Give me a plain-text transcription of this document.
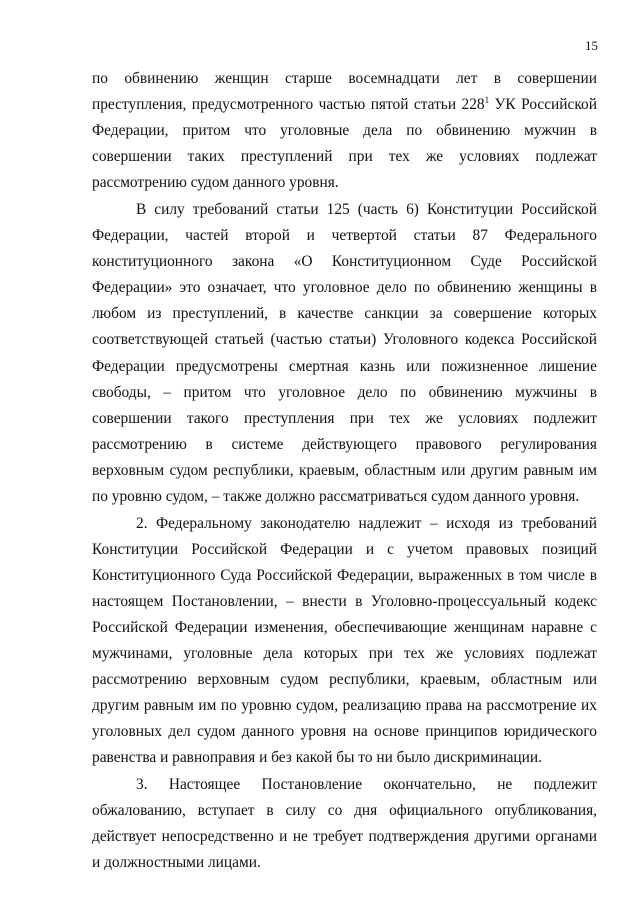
15

по обвинению женщин старше восемнадцати лет в совершении преступления, предусмотренного частью пятой статьи $228^1$ УК Российской Федерации, притом что уголовные дела по обвинению мужчин в совершении таких преступлений при тех же условиях подлежат рассмотрению судом данного уровня.

В силу требований статьи 125 (часть 6) Конституции Российской Федерации, частей второй и четвертой статьи 87 Федерального конституционного закона «О Конституционном Суде Российской Федерации» это означает, что уголовное дело по обвинению женщины в любом из преступлений, в качестве санкции за совершение которых соответствующей статьей (частью статьи) Уголовного кодекса Российской Федерации предусмотрены смертная казнь или пожизненное лишение свободы, – притом что уголовное дело по обвинению мужчины в совершении такого преступления при тех же условиях подлежит рассмотрению в системе действующего правового регулирования верховным судом республики, краевым, областным или другим равным им по уровню судом, – также должно рассматриваться судом данного уровня.

2. Федеральному законодателю надлежит – исходя из требований Конституции Российской Федерации и с учетом правовых позиций Конституционного Суда Российской Федерации, выраженных в том числе в настоящем Постановлении, – внести в Уголовно-процессуальный кодекс Российской Федерации изменения, обеспечивающие женщинам наравне с мужчинами, уголовные дела которых при тех же условиях подлежат рассмотрению верховным судом республики, краевым, областным или другим равным им по уровню судом, реализацию права на рассмотрение их уголовных дел судом данного уровня на основе принципов юридического равенства и равноправия и без какой бы то ни было дискриминации.

3. Настоящее Постановление окончательно, не подлежит обжалованию, вступает в силу со дня официального опубликования, действует непосредственно и не требует подтверждения другими органами и должностными лицами.
